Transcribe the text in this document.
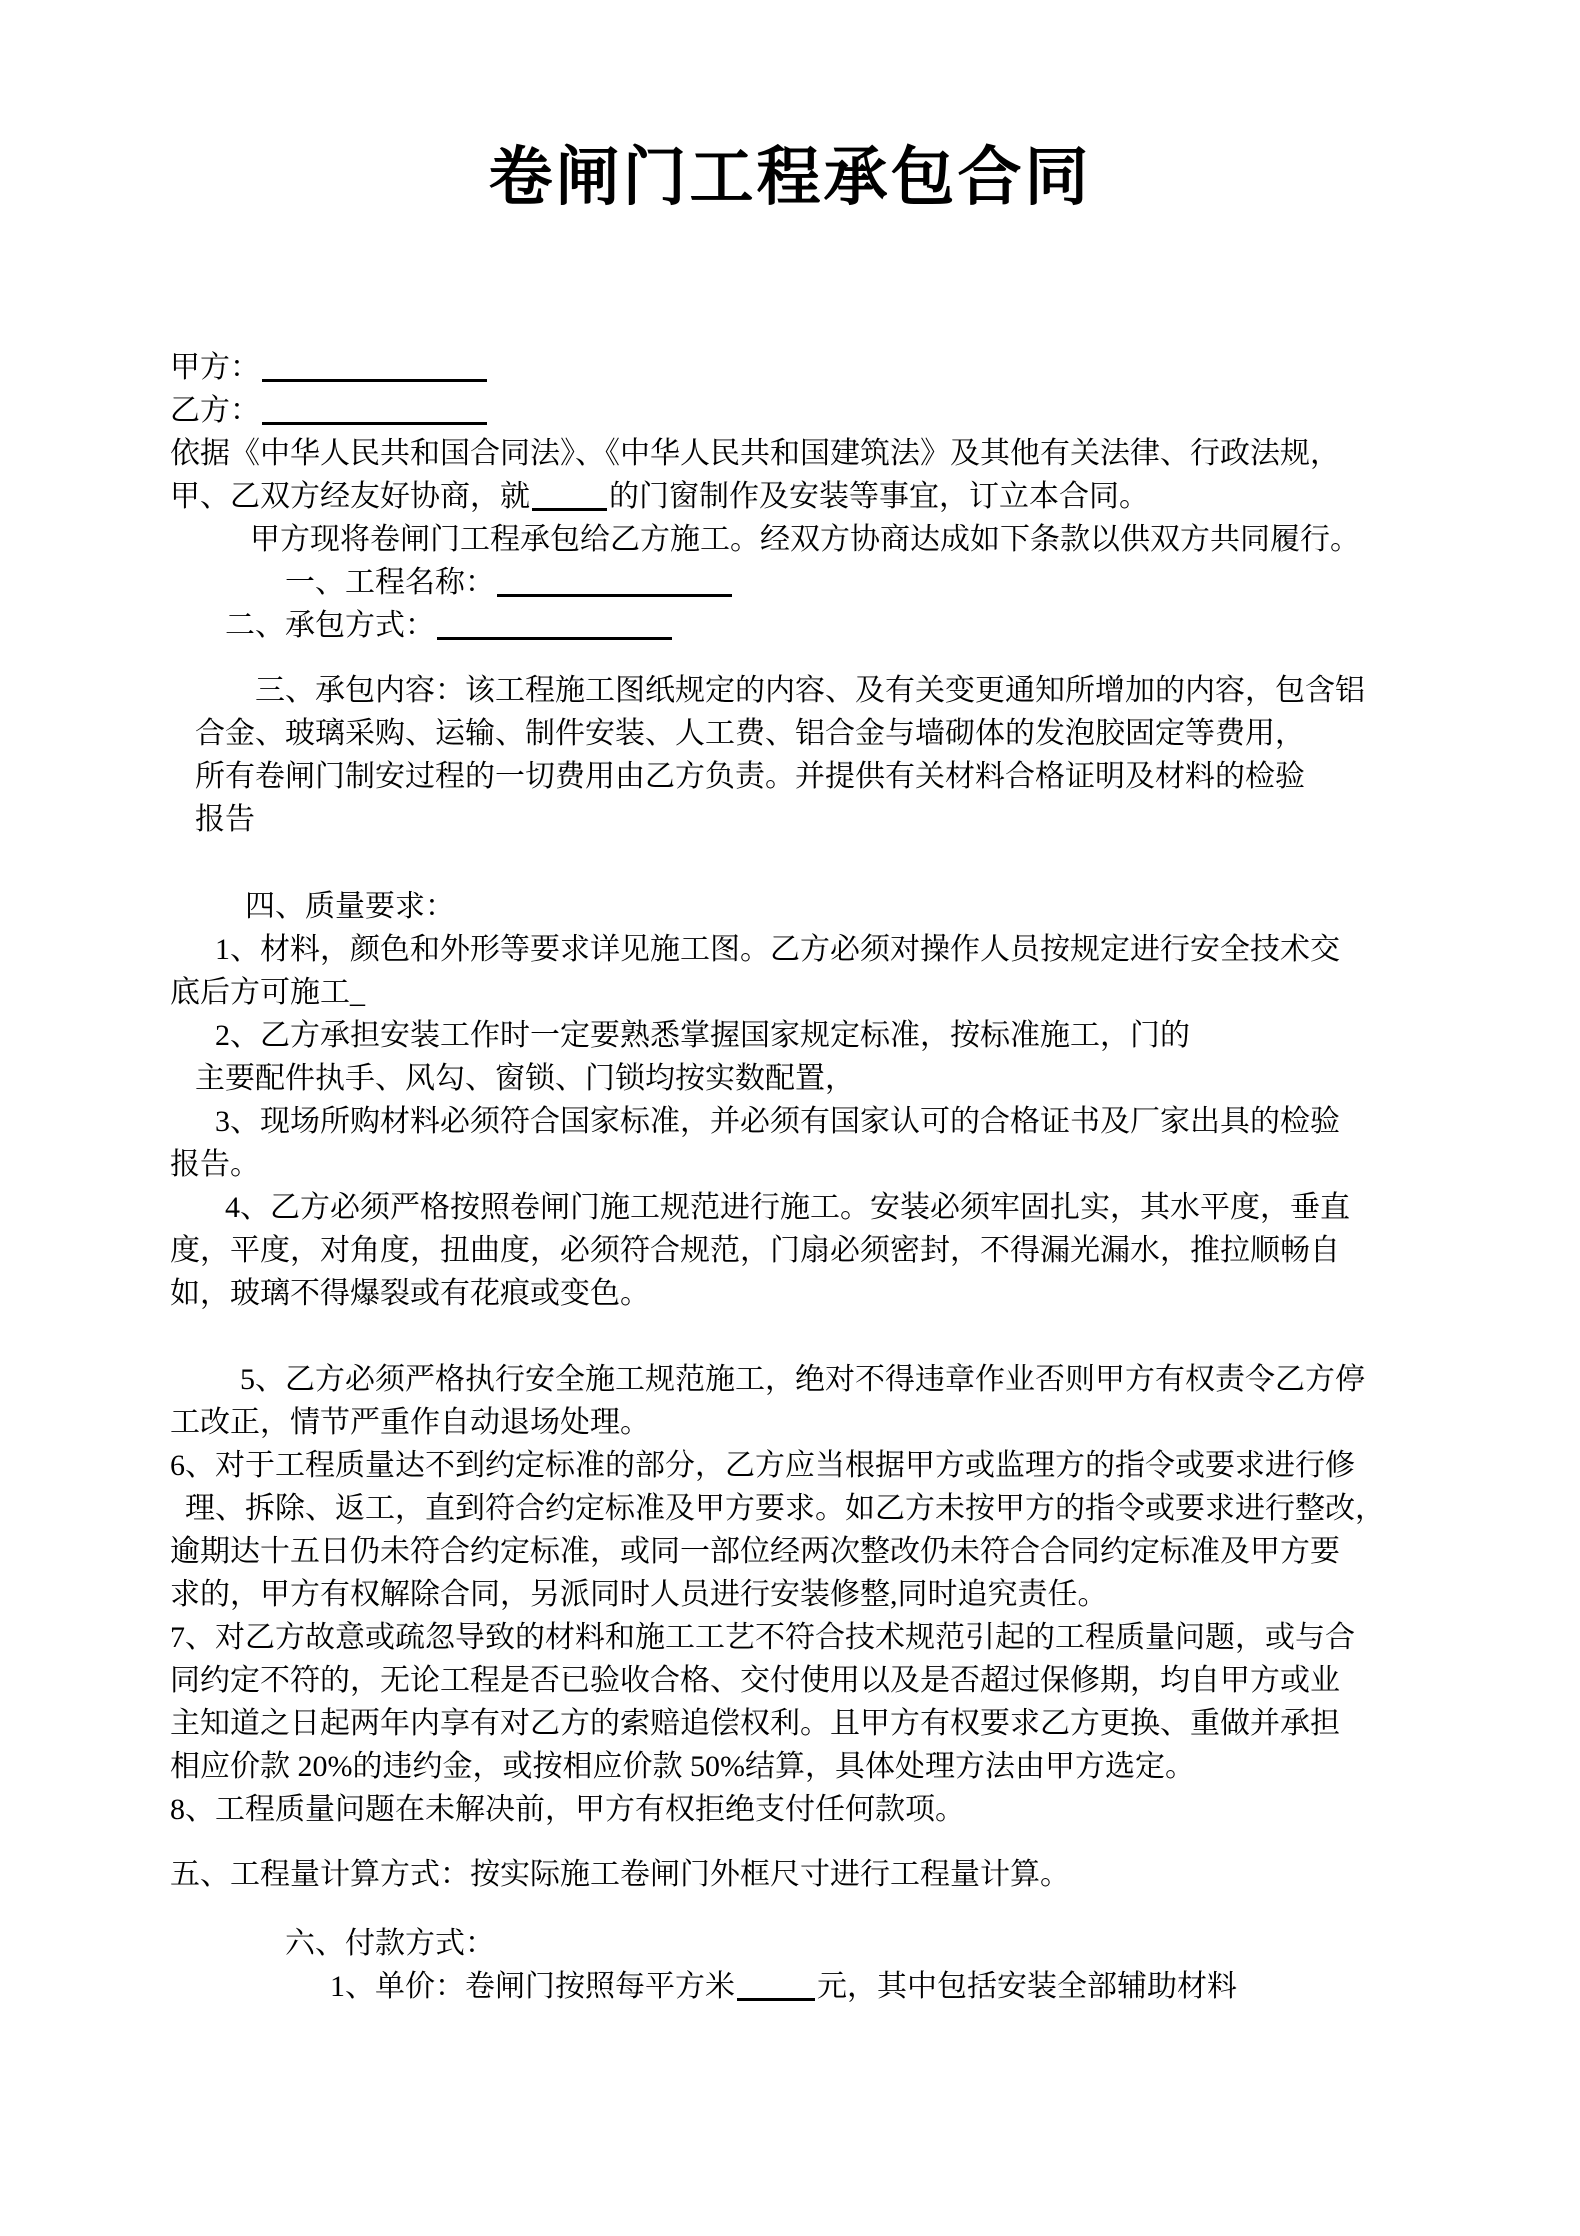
卷闸门工程承包合同
甲方：
乙方：
依据《中华人民共和国合同法》、《中华人民共和国建筑法》及其他有关法律、行政法规，
甲、乙双方经友好协商，就	的门窗制作及安装等事宜，订立本合同。
甲方现将卷闸门工程承包给乙方施工。经双方协商达成如下条款以供双方共同履行。
一、工程名称：
二、承包方式：
三、承包内容：该工程施工图纸规定的内容、及有关变更通知所增加的内容，包含铝
合金、玻璃采购、运输、制件安装、人工费、铝合金与墙砌体的发泡胶固定等费用，
所有卷闸门制安过程的一切费用由乙方负责。并提供有关材料合格证明及材料的检验
报告
四、质量要求：
1、材料，颜色和外形等要求详见施工图。乙方必须对操作人员按规定进行安全技术交
底后方可施工_
2、乙方承担安装工作时一定要熟悉掌握国家规定标准，按标准施工，门的
主要配件执手、风勾、窗锁、门锁均按实数配置，
3、现场所购材料必须符合国家标准，并必须有国家认可的合格证书及厂家出具的检验
报告。
4、乙方必须严格按照卷闸门施工规范进行施工。安装必须牢固扎实，其水平度，垂直
度，平度，对角度，扭曲度，必须符合规范，门扇必须密封，不得漏光漏水，推拉顺畅自
如，玻璃不得爆裂或有花痕或变色。
5、乙方必须严格执行安全施工规范施工，绝对不得违章作业否则甲方有权责令乙方停
工改正，情节严重作自动退场处理。
6、对于工程质量达不到约定标准的部分，乙方应当根据甲方或监理方的指令或要求进行修
理、拆除、返工，直到符合约定标准及甲方要求。如乙方未按甲方的指令或要求进行整改，
逾期达十五日仍未符合约定标准，或同一部位经两次整改仍未符合合同约定标准及甲方要
求的，甲方有权解除合同，另派同时人员进行安装修整,同时追究责任。
7、对乙方故意或疏忽导致的材料和施工工艺不符合技术规范引起的工程质量问题，或与合
同约定不符的，无论工程是否已验收合格、交付使用以及是否超过保修期，均自甲方或业
主知道之日起两年内享有对乙方的索赔追偿权利。且甲方有权要求乙方更换、重做并承担
相应价款 20%的违约金，或按相应价款 50%结算，具体处理方法由甲方选定。
8、工程质量问题在未解决前，甲方有权拒绝支付任何款项。
五、工程量计算方式：按实际施工卷闸门外框尺寸进行工程量计算。
六、付款方式：
1、单价：卷闸门按照每平方米	元，其中包括安装全部辅助材料
